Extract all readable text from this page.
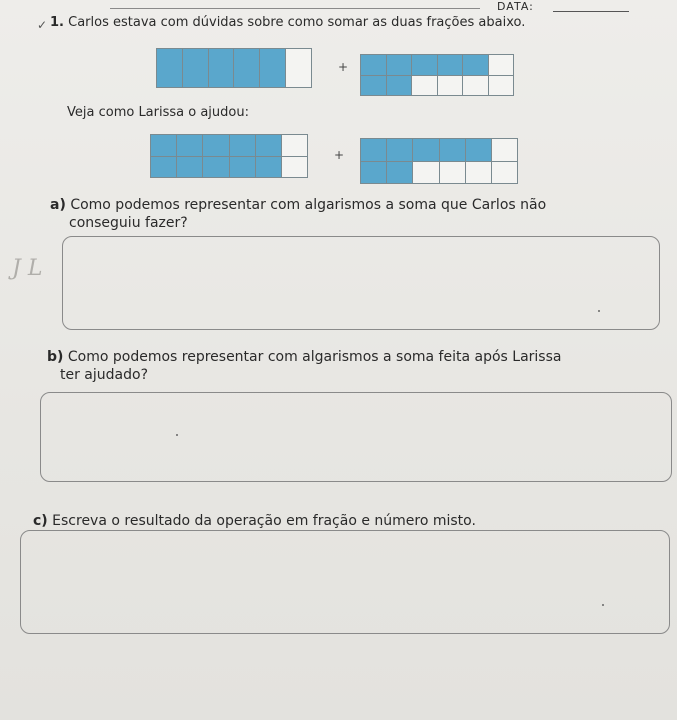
DATA:
✓ 1. Carlos estava com dúvidas sobre como somar as duas frações abaixo.
+
Veja como Larissa o ajudou:
+
a) Como podemos representar com algarismos a soma que Carlos não
conseguiu fazer?
J L
b) Como podemos representar com algarismos a soma feita após Larissa
ter ajudado?
c) Escreva o resultado da operação em fração e número misto.
